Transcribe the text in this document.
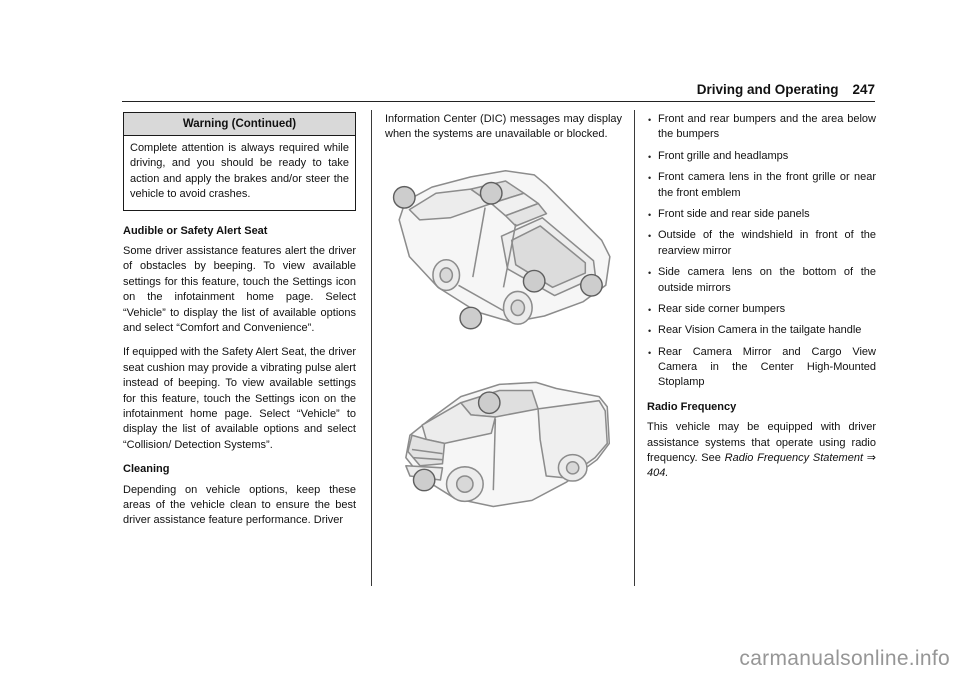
Driving and Operating 247
Warning (Continued)
Complete attention is always required while driving, and you should be ready to take action and apply the brakes and/or steer the vehicle to avoid crashes.
Audible or Safety Alert Seat

Some driver assistance features alert the driver of obstacles by beeping. To view available settings for this feature, touch the Settings icon on the infotainment home page. Select “Vehicle” to display the list of available options and select “Comfort and Convenience”.

If equipped with the Safety Alert Seat, the driver seat cushion may provide a vibrating pulse alert instead of beeping. To view available settings for this feature, touch the Settings icon on the infotainment home page. Select “Vehicle” to display the list of available options and select “Collision/ Detection Systems”.

Cleaning

Depending on vehicle options, keep these areas of the vehicle clean to ensure the best driver assistance feature performance. Driver

Information Center (DIC) messages may display when the systems are unavailable or blocked.

• Front and rear bumpers and the area below the bumpers
• Front grille and headlamps
• Front camera lens in the front grille or near the front emblem
• Front side and rear side panels
• Outside of the windshield in front of the rearview mirror
• Side camera lens on the bottom of the outside mirrors
• Rear side corner bumpers
• Rear Vision Camera in the tailgate handle
• Rear Camera Mirror and Cargo View Camera in the Center High-Mounted Stoplamp
Radio Frequency

This vehicle may be equipped with driver assistance systems that operate using radio frequency. See Radio Frequency Statement ⇒ 404.

carmanualsonline.info
